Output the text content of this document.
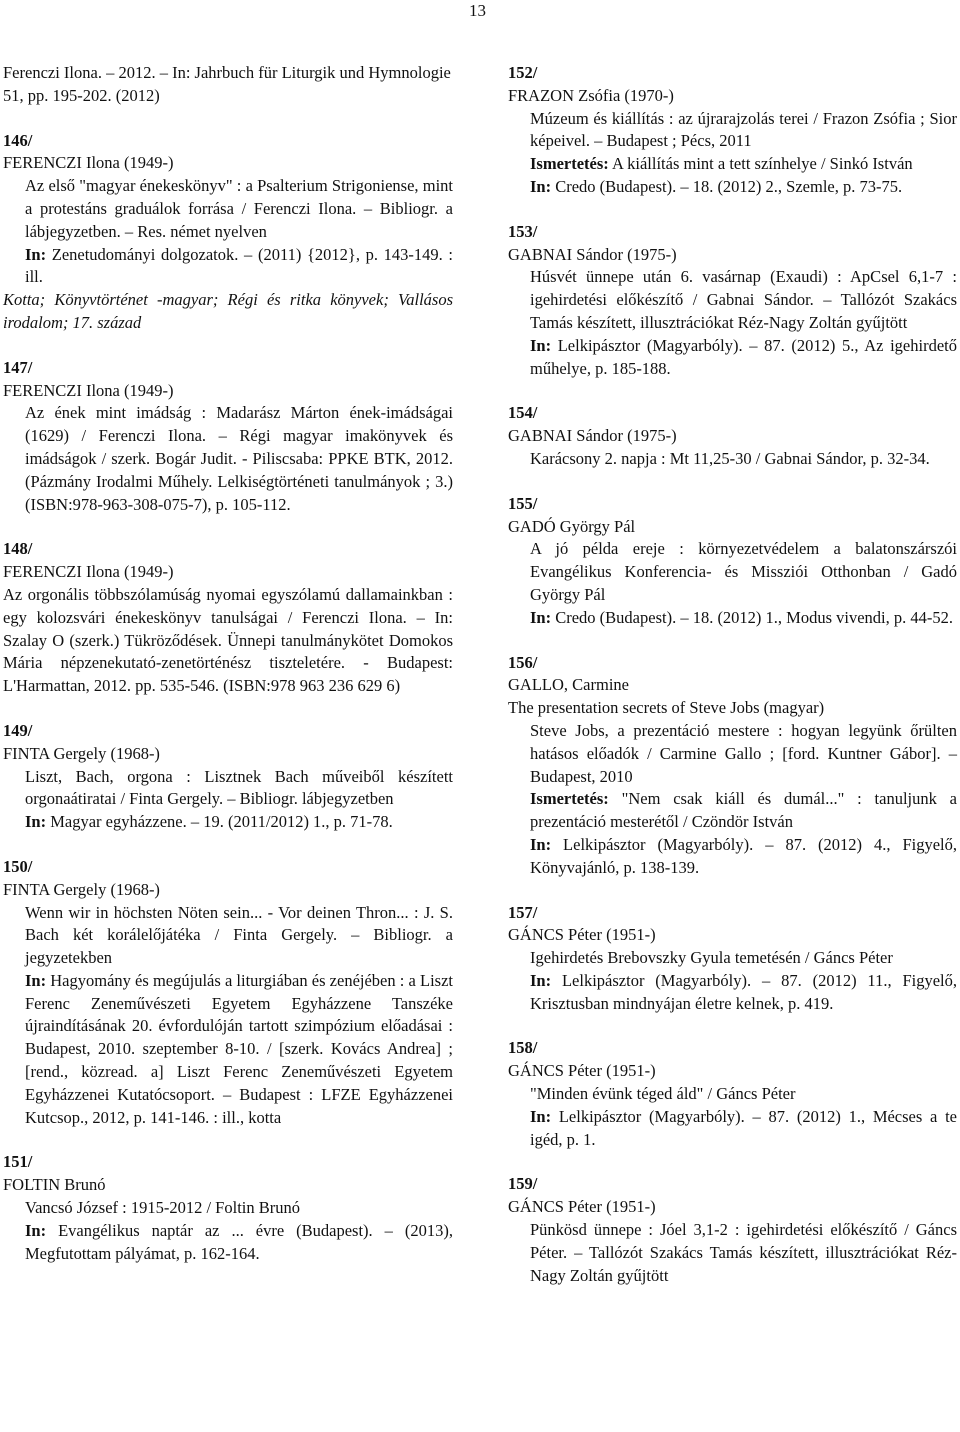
13
Ferenczi Ilona. – 2012. – In: Jahrbuch für Liturgik und Hymnologie 51, pp. 195-202. (2012)
146/
FERENCZI Ilona (1949-)
Az első "magyar énekeskönyv" : a Psalterium Strigoniense, mint a protestáns graduálok forrása / Ferenczi Ilona. – Bibliogr. a lábjegyzetben. – Res. német nyelven
In: Zenetudományi dolgozatok. – (2011) {2012}, p. 143-149. : ill.
Kotta; Könyvtörténet -magyar; Régi és ritka könyvek; Vallásos irodalom; 17. század
147/
FERENCZI Ilona (1949-)
Az ének mint imádság : Madarász Márton ének-imádságai (1629) / Ferenczi Ilona. – Régi magyar imakönyvek és imádságok / szerk. Bogár Judit. - Piliscsaba: PPKE BTK, 2012. (Pázmány Irodalmi Műhely. Lelkiségtörténeti tanulmányok ; 3.) (ISBN:978-963-308-075-7), p. 105-112.
148/
FERENCZI Ilona (1949-)
Az orgonális többszólamúság nyomai egyszólamú dallamainkban : egy kolozsvári énekeskönyv tanulságai / Ferenczi Ilona. – In: Szalay O (szerk.) Tükröződések. Ünnepi tanulmánykötet Domokos Mária népzenekutató-zenetörténész tiszteletére. - Budapest: L'Harmattan, 2012. pp. 535-546. (ISBN:978 963 236 629 6)
149/
FINTA Gergely (1968-)
Liszt, Bach, orgona : Lisztnek Bach műveiből készített orgonaátiratai / Finta Gergely. – Bibliogr. lábjegyzetben
In: Magyar egyházzene. – 19. (2011/2012) 1., p. 71-78.
150/
FINTA Gergely (1968-)
Wenn wir in höchsten Nöten sein... - Vor deinen Thron... : J. S. Bach két korálelőjátéka / Finta Gergely. – Bibliogr. a jegyzetekben
In: Hagyomány és megújulás a liturgiában és zenéjében : a Liszt Ferenc Zeneművészeti Egyetem Egyházzene Tanszéke újraindításának 20. évfordulóján tartott szimpózium előadásai : Budapest, 2010. szeptember 8-10. / [szerk. Kovács Andrea] ; [rend., közread. a] Liszt Ferenc Zeneművészeti Egyetem Egyházzenei Kutatócsoport. – Budapest : LFZE Egyházzenei Kutcsop., 2012, p. 141-146. : ill., kotta
151/
FOLTIN Brunó
Vancsó József : 1915-2012 / Foltin Brunó
In: Evangélikus naptár az ... évre (Budapest). – (2013), Megfutottam pályámat, p. 162-164.
152/
FRAZON Zsófia (1970-)
Múzeum és kiállítás : az újrarajzolás terei / Frazon Zsófia ; Sior képeivel. – Budapest ; Pécs, 2011
Ismertetés: A kiállítás mint a tett színhelye / Sinkó István
In: Credo (Budapest). – 18. (2012) 2., Szemle, p. 73-75.
153/
GABNAI Sándor (1975-)
Húsvét ünnepe után 6. vasárnap (Exaudi) : ApCsel 6,1-7 : igehirdetési előkészítő / Gabnai Sándor. – Tallózót Szakács Tamás készített, illusztrációkat Réz-Nagy Zoltán gyűjtött
In: Lelkipásztor (Magyarbóly). – 87. (2012) 5., Az igehirdető műhelye, p. 185-188.
154/
GABNAI Sándor (1975-)
Karácsony 2. napja : Mt 11,25-30 / Gabnai Sándor, p. 32-34.
155/
GADÓ György Pál
A jó példa ereje : környezetvédelem a balatonszárszói Evangélikus Konferencia- és Missziói Otthonban / Gadó György Pál
In: Credo (Budapest). – 18. (2012) 1., Modus vivendi, p. 44-52.
156/
GALLO, Carmine
The presentation secrets of Steve Jobs (magyar)
Steve Jobs, a prezentáció mestere : hogyan legyünk őrülten hatásos előadók / Carmine Gallo ; [ford. Kuntner Gábor]. – Budapest, 2010
Ismertetés: "Nem csak kiáll és dumál..." : tanuljunk a prezentáció mesterétől / Czöndör István
In: Lelkipásztor (Magyarbóly). – 87. (2012) 4., Figyelő, Könyvajánló, p. 138-139.
157/
GÁNCS Péter (1951-)
Igehirdetés Brebovszky Gyula temetésén / Gáncs Péter
In: Lelkipásztor (Magyarbóly). – 87. (2012) 11., Figyelő, Krisztusban mindnyájan életre kelnek, p. 419.
158/
GÁNCS Péter (1951-)
"Minden évünk téged áld" / Gáncs Péter
In: Lelkipásztor (Magyarbóly). – 87. (2012) 1., Mécses a te igéd, p. 1.
159/
GÁNCS Péter (1951-)
Pünkösd ünnepe : Jóel 3,1-2 : igehirdetési előkészítő / Gáncs Péter. – Tallózót Szakács Tamás készített, illusztrációkat Réz-Nagy Zoltán gyűjtött
